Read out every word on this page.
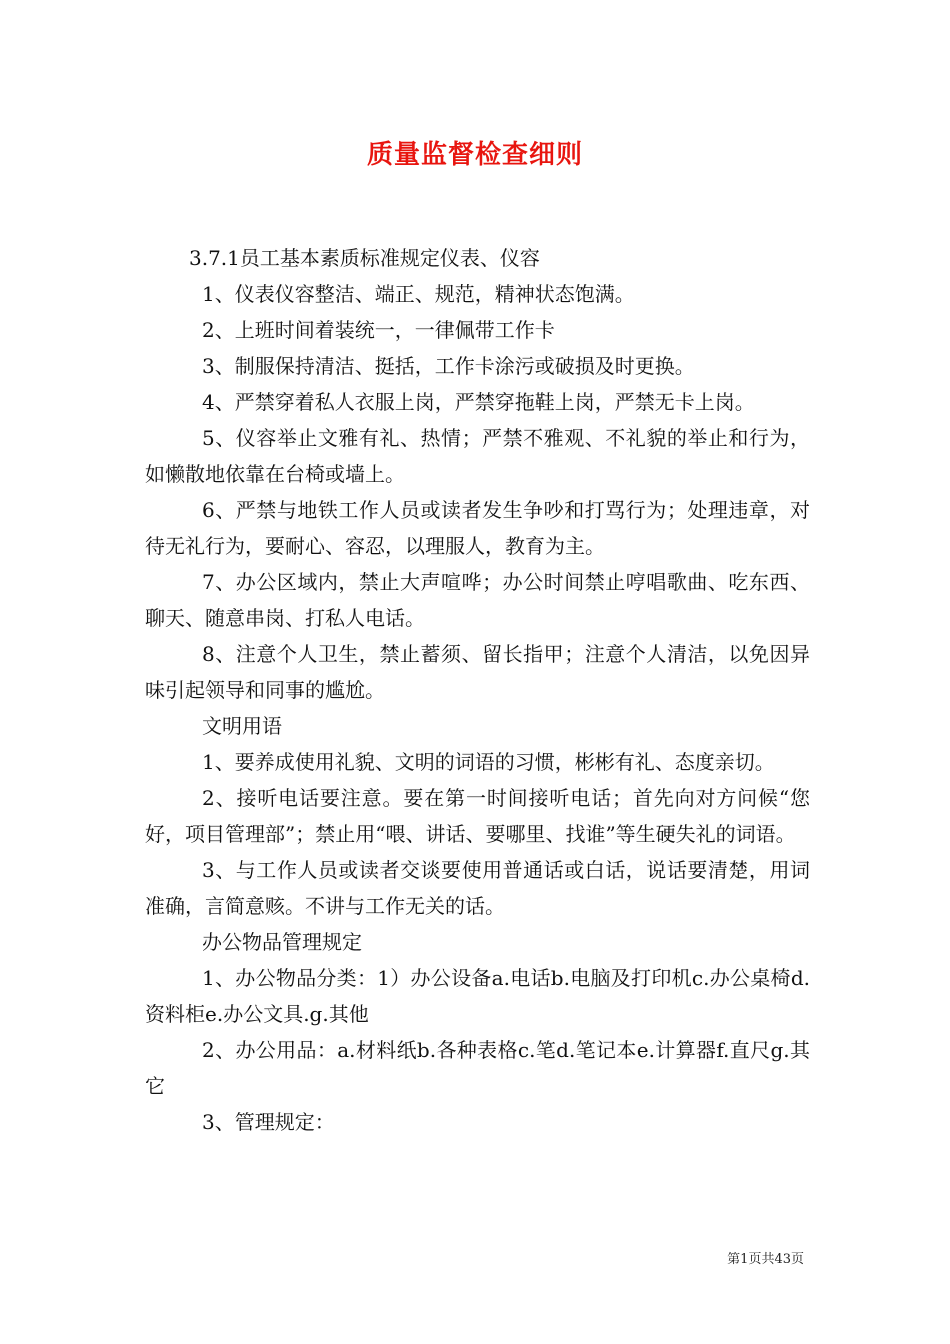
质量监督检查细则

3.7.1员工基本素质标准规定仪表、仪容

1、仪表仪容整洁、端正、规范，精神状态饱满。

2、上班时间着装统一，一律佩带工作卡

3、制服保持清洁、挺括，工作卡涂污或破损及时更换。

4、严禁穿着私人衣服上岗，严禁穿拖鞋上岗，严禁无卡上岗。

5、仪容举止文雅有礼、热情；严禁不雅观、不礼貌的举止和行为，如懒散地依靠在台椅或墙上。

6、严禁与地铁工作人员或读者发生争吵和打骂行为；处理违章，对待无礼行为，要耐心、容忍，以理服人，教育为主。

7、办公区域内，禁止大声喧哗；办公时间禁止哼唱歌曲、吃东西、聊天、随意串岗、打私人电话。

8、注意个人卫生，禁止蓄须、留长指甲；注意个人清洁，以免因异味引起领导和同事的尴尬。

文明用语

1、要养成使用礼貌、文明的词语的习惯，彬彬有礼、态度亲切。

2、接听电话要注意。要在第一时间接听电话；首先向对方问候“您好，项目管理部”；禁止用“喂、讲话、要哪里、找谁”等生硬失礼的词语。

3、与工作人员或读者交谈要使用普通话或白话，说话要清楚，用词准确，言简意赅。不讲与工作无关的话。

办公物品管理规定

1、办公物品分类：1）办公设备a.电话b.电脑及打印机c.办公桌椅d.资料柜e.办公文具.g.其他

2、办公用品：a.材料纸b.各种表格c.笔d.笔记本e.计算器f.直尺g.其它

3、管理规定：

第1页共43页
